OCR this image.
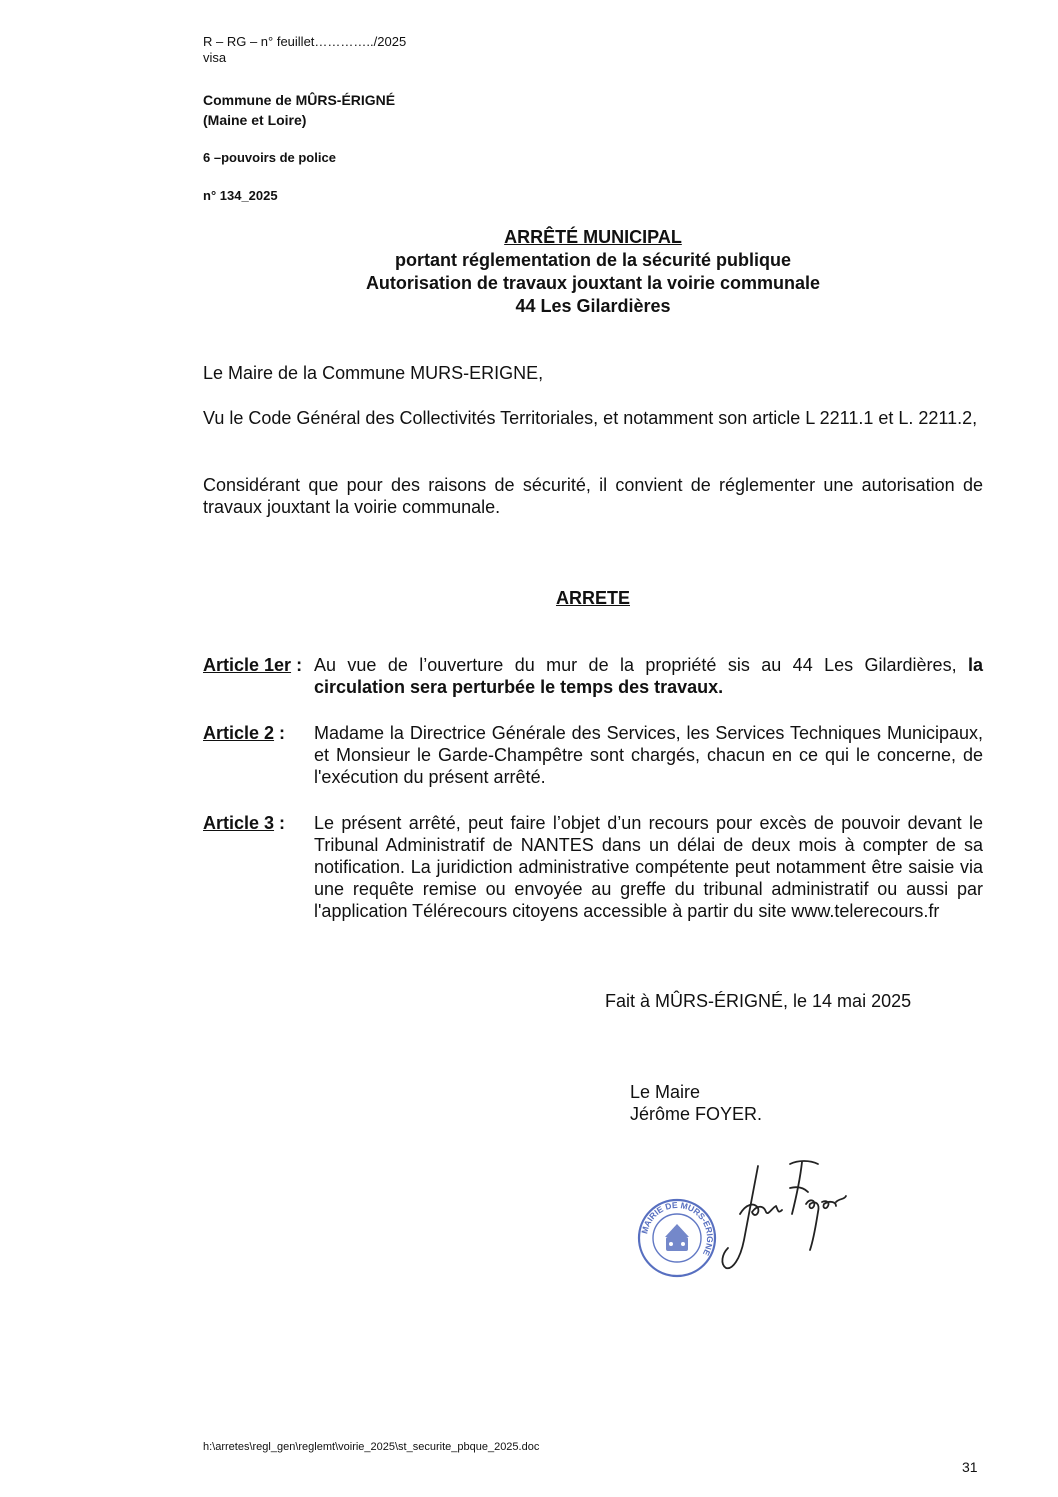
R – RG – n° feuillet…………../2025
visa
Commune de MÛRS-ÉRIGNÉ
(Maine et Loire)
6 –pouvoirs de police
n° 134_2025
ARRÊTÉ MUNICIPAL
portant réglementation de la sécurité publique
Autorisation de travaux jouxtant la voirie communale
44 Les Gilardières
Le Maire de la Commune MURS-ERIGNE,
Vu le Code Général des Collectivités Territoriales, et notamment son article L 2211.1 et L. 2211.2,
Considérant que pour des raisons de sécurité, il convient de réglementer une autorisation de travaux jouxtant la voirie communale.
ARRETE
Article 1er : Au vue de l’ouverture du mur de la propriété sis au 44 Les Gilardières, la circulation sera perturbée le temps des travaux.
Article 2 : Madame la Directrice Générale des Services, les Services Techniques Municipaux, et Monsieur le Garde-Champêtre sont chargés, chacun en ce qui le concerne, de l'exécution du présent arrêté.
Article 3 : Le présent arrêté, peut faire l’objet d’un recours pour excès de pouvoir devant le Tribunal Administratif de NANTES dans un délai de deux mois à compter de sa notification. La juridiction administrative compétente peut notamment être saisie via une requête remise ou envoyée au greffe du tribunal administratif ou aussi par l'application Télérecours citoyens accessible à partir du site www.telerecours.fr
Fait à MÛRS-ÉRIGNÉ, le 14 mai 2025
Le Maire
Jérôme FOYER.
MAIRIE DE MURS-ERIGNE
h:\arretes\regl_gen\reglemt\voirie_2025\st_securite_pbque_2025.doc
31
